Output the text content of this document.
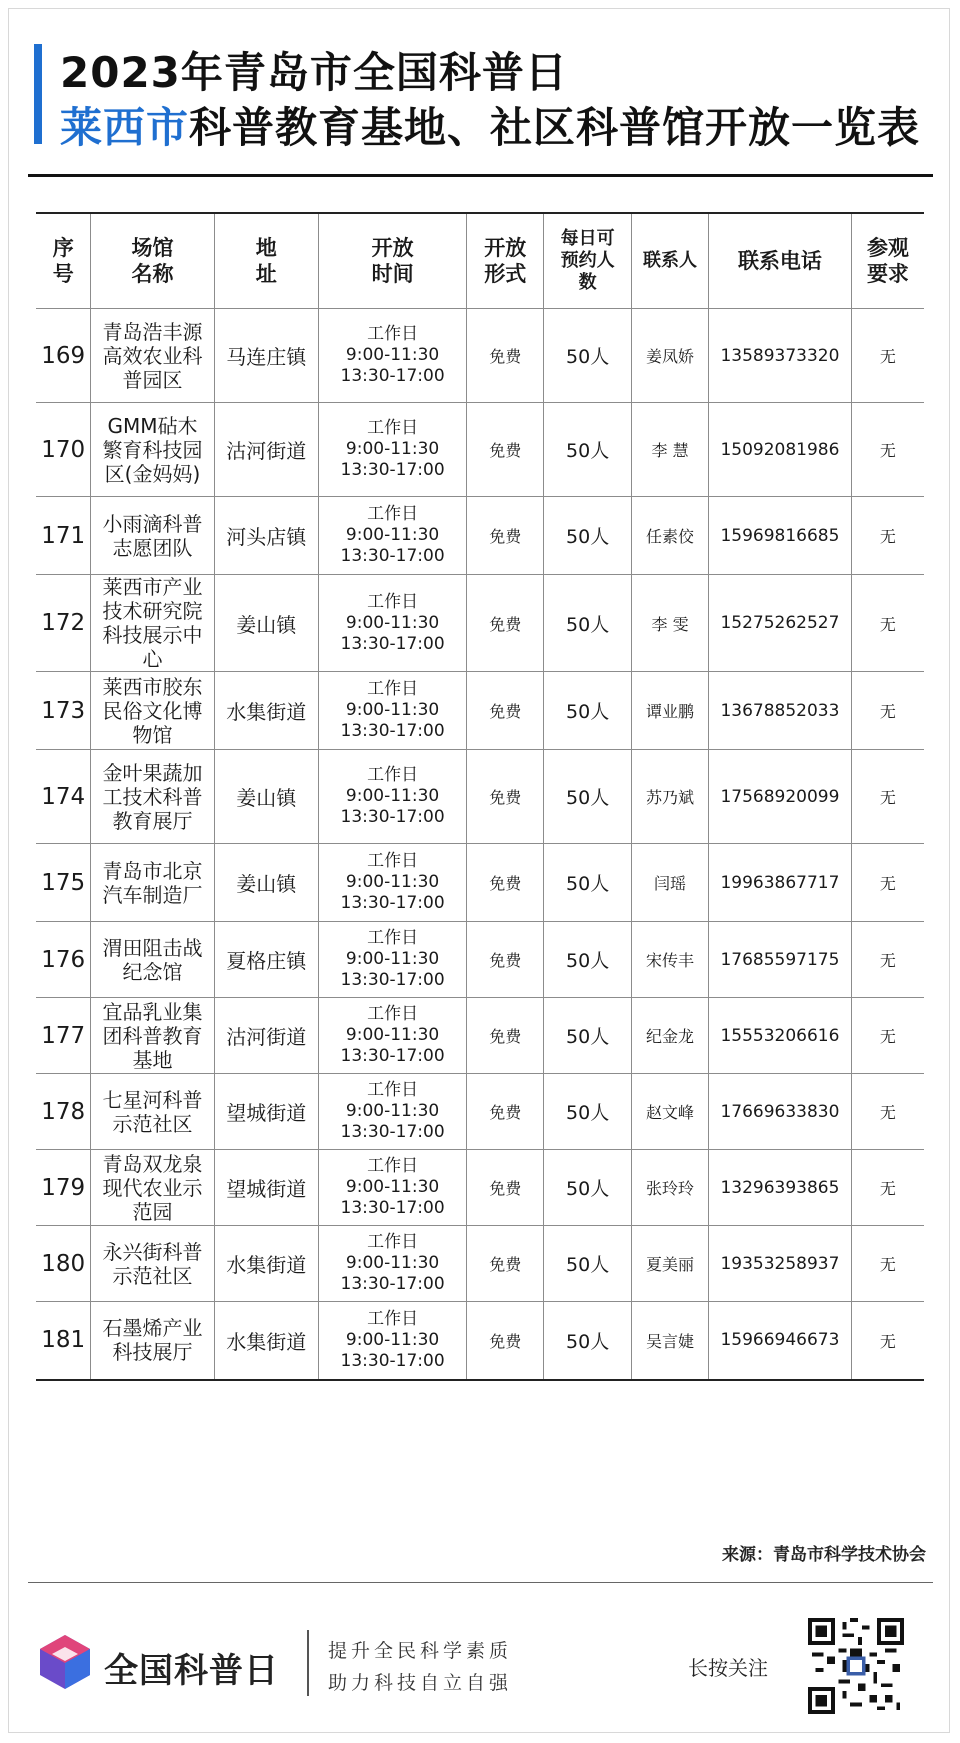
2023年青岛市全国科普日
莱西市科普教育基地、社区科普馆开放一览表
序号	场馆名称	地址	开放时间	开放形式	每日可预约人数	联系人	联系电话	参观要求

169	青岛浩丰源高效农业科普园区	马连庄镇	工作日
9:00-11:30
13:30-17:00	免费	50人	姜凤娇	13589373320	无
170	GMM砧木繁育科技园区(金妈妈)	沽河街道	工作日
9:00-11:30
13:30-17:00	免费	50人	李 慧	15092081986	无
171	小雨滴科普志愿团队	河头店镇	工作日
9:00-11:30
13:30-17:00	免费	50人	任素佼	15969816685	无
172	莱西市产业技术研究院科技展示中心	姜山镇	工作日
9:00-11:30
13:30-17:00	免费	50人	李 雯	15275262527	无
173	莱西市胶东民俗文化博物馆	水集街道	工作日
9:00-11:30
13:30-17:00	免费	50人	谭业鹏	13678852033	无
174	金叶果蔬加工技术科普教育展厅	姜山镇	工作日
9:00-11:30
13:30-17:00	免费	50人	苏乃斌	17568920099	无
175	青岛市北京汽车制造厂	姜山镇	工作日
9:00-11:30
13:30-17:00	免费	50人	闫瑶	19963867717	无
176	渭田阻击战纪念馆	夏格庄镇	工作日
9:00-11:30
13:30-17:00	免费	50人	宋传丰	17685597175	无
177	宜品乳业集团科普教育基地	沽河街道	工作日
9:00-11:30
13:30-17:00	免费	50人	纪金龙	15553206616	无
178	七星河科普示范社区	望城街道	工作日
9:00-11:30
13:30-17:00	免费	50人	赵文峰	17669633830	无
179	青岛双龙泉现代农业示范园	望城街道	工作日
9:00-11:30
13:30-17:00	免费	50人	张玲玲	13296393865	无
180	永兴街科普示范社区	水集街道	工作日
9:00-11:30
13:30-17:00	免费	50人	夏美丽	19353258937	无
181	石墨烯产业科技展厅	水集街道	工作日
9:00-11:30
13:30-17:00	免费	50人	吴言婕	15966946673	无
来源：青岛市科学技术协会
全国科普日	提升全民科学素质
助力科技自立自强
长按关注
